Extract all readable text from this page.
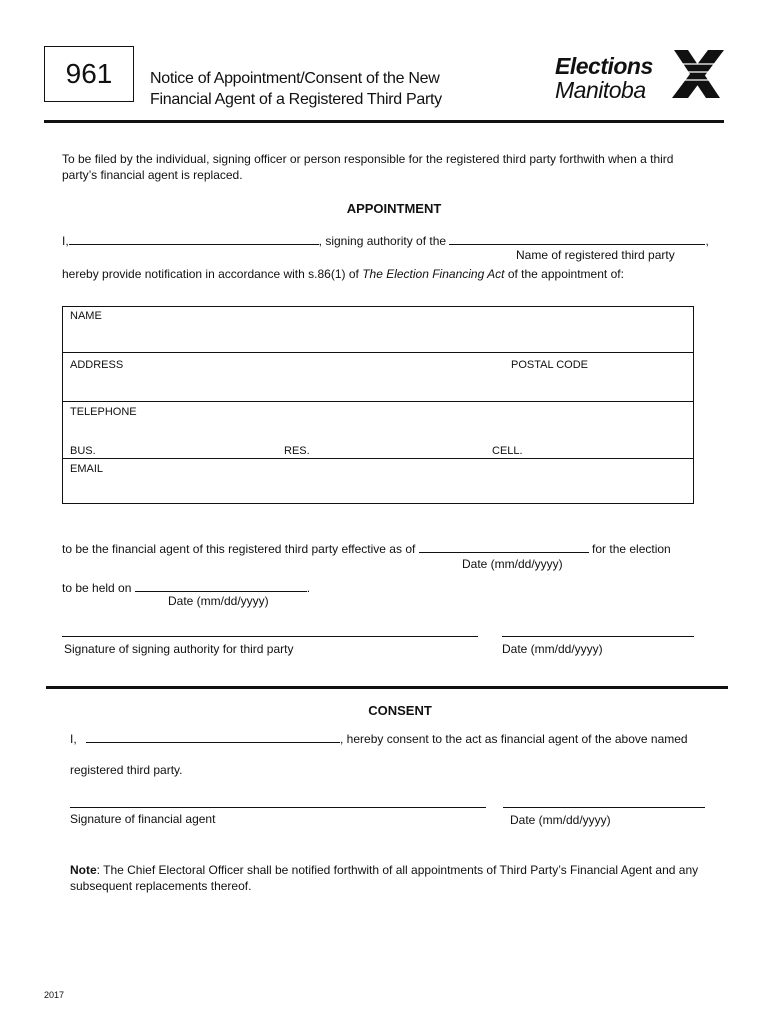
961	Notice of Appointment/Consent of the New
Financial Agent of a Registered Third Party
Elections
Manitoba
To be filed by the individual, signing officer or person responsible for the registered third party forthwith when a third
party’s financial agent is replaced.
APPOINTMENT
I,	, signing authority of the	,
Name of registered third party
hereby provide notification in accordance with s.86(1) of The Election Financing Act of the appointment of:
NAME
ADDRESS	POSTAL CODE
TELEPHONE
BUS.	RES.	CELL.
EMAIL
to be the financial agent of this registered third party effective as of	for the election
Date (mm/dd/yyyy)
to be held on	.
Date (mm/dd/yyyy)
Signature of signing authority for third party	Date (mm/dd/yyyy)
CONSENT
I,	, hereby consent to the act as financial agent of the above named
registered third party.
Signature of financial agent	Date (mm/dd/yyyy)
Note: The Chief Electoral Officer shall be notified forthwith of all appointments of Third Party’s Financial Agent and any
subsequent replacements thereof.
2017
